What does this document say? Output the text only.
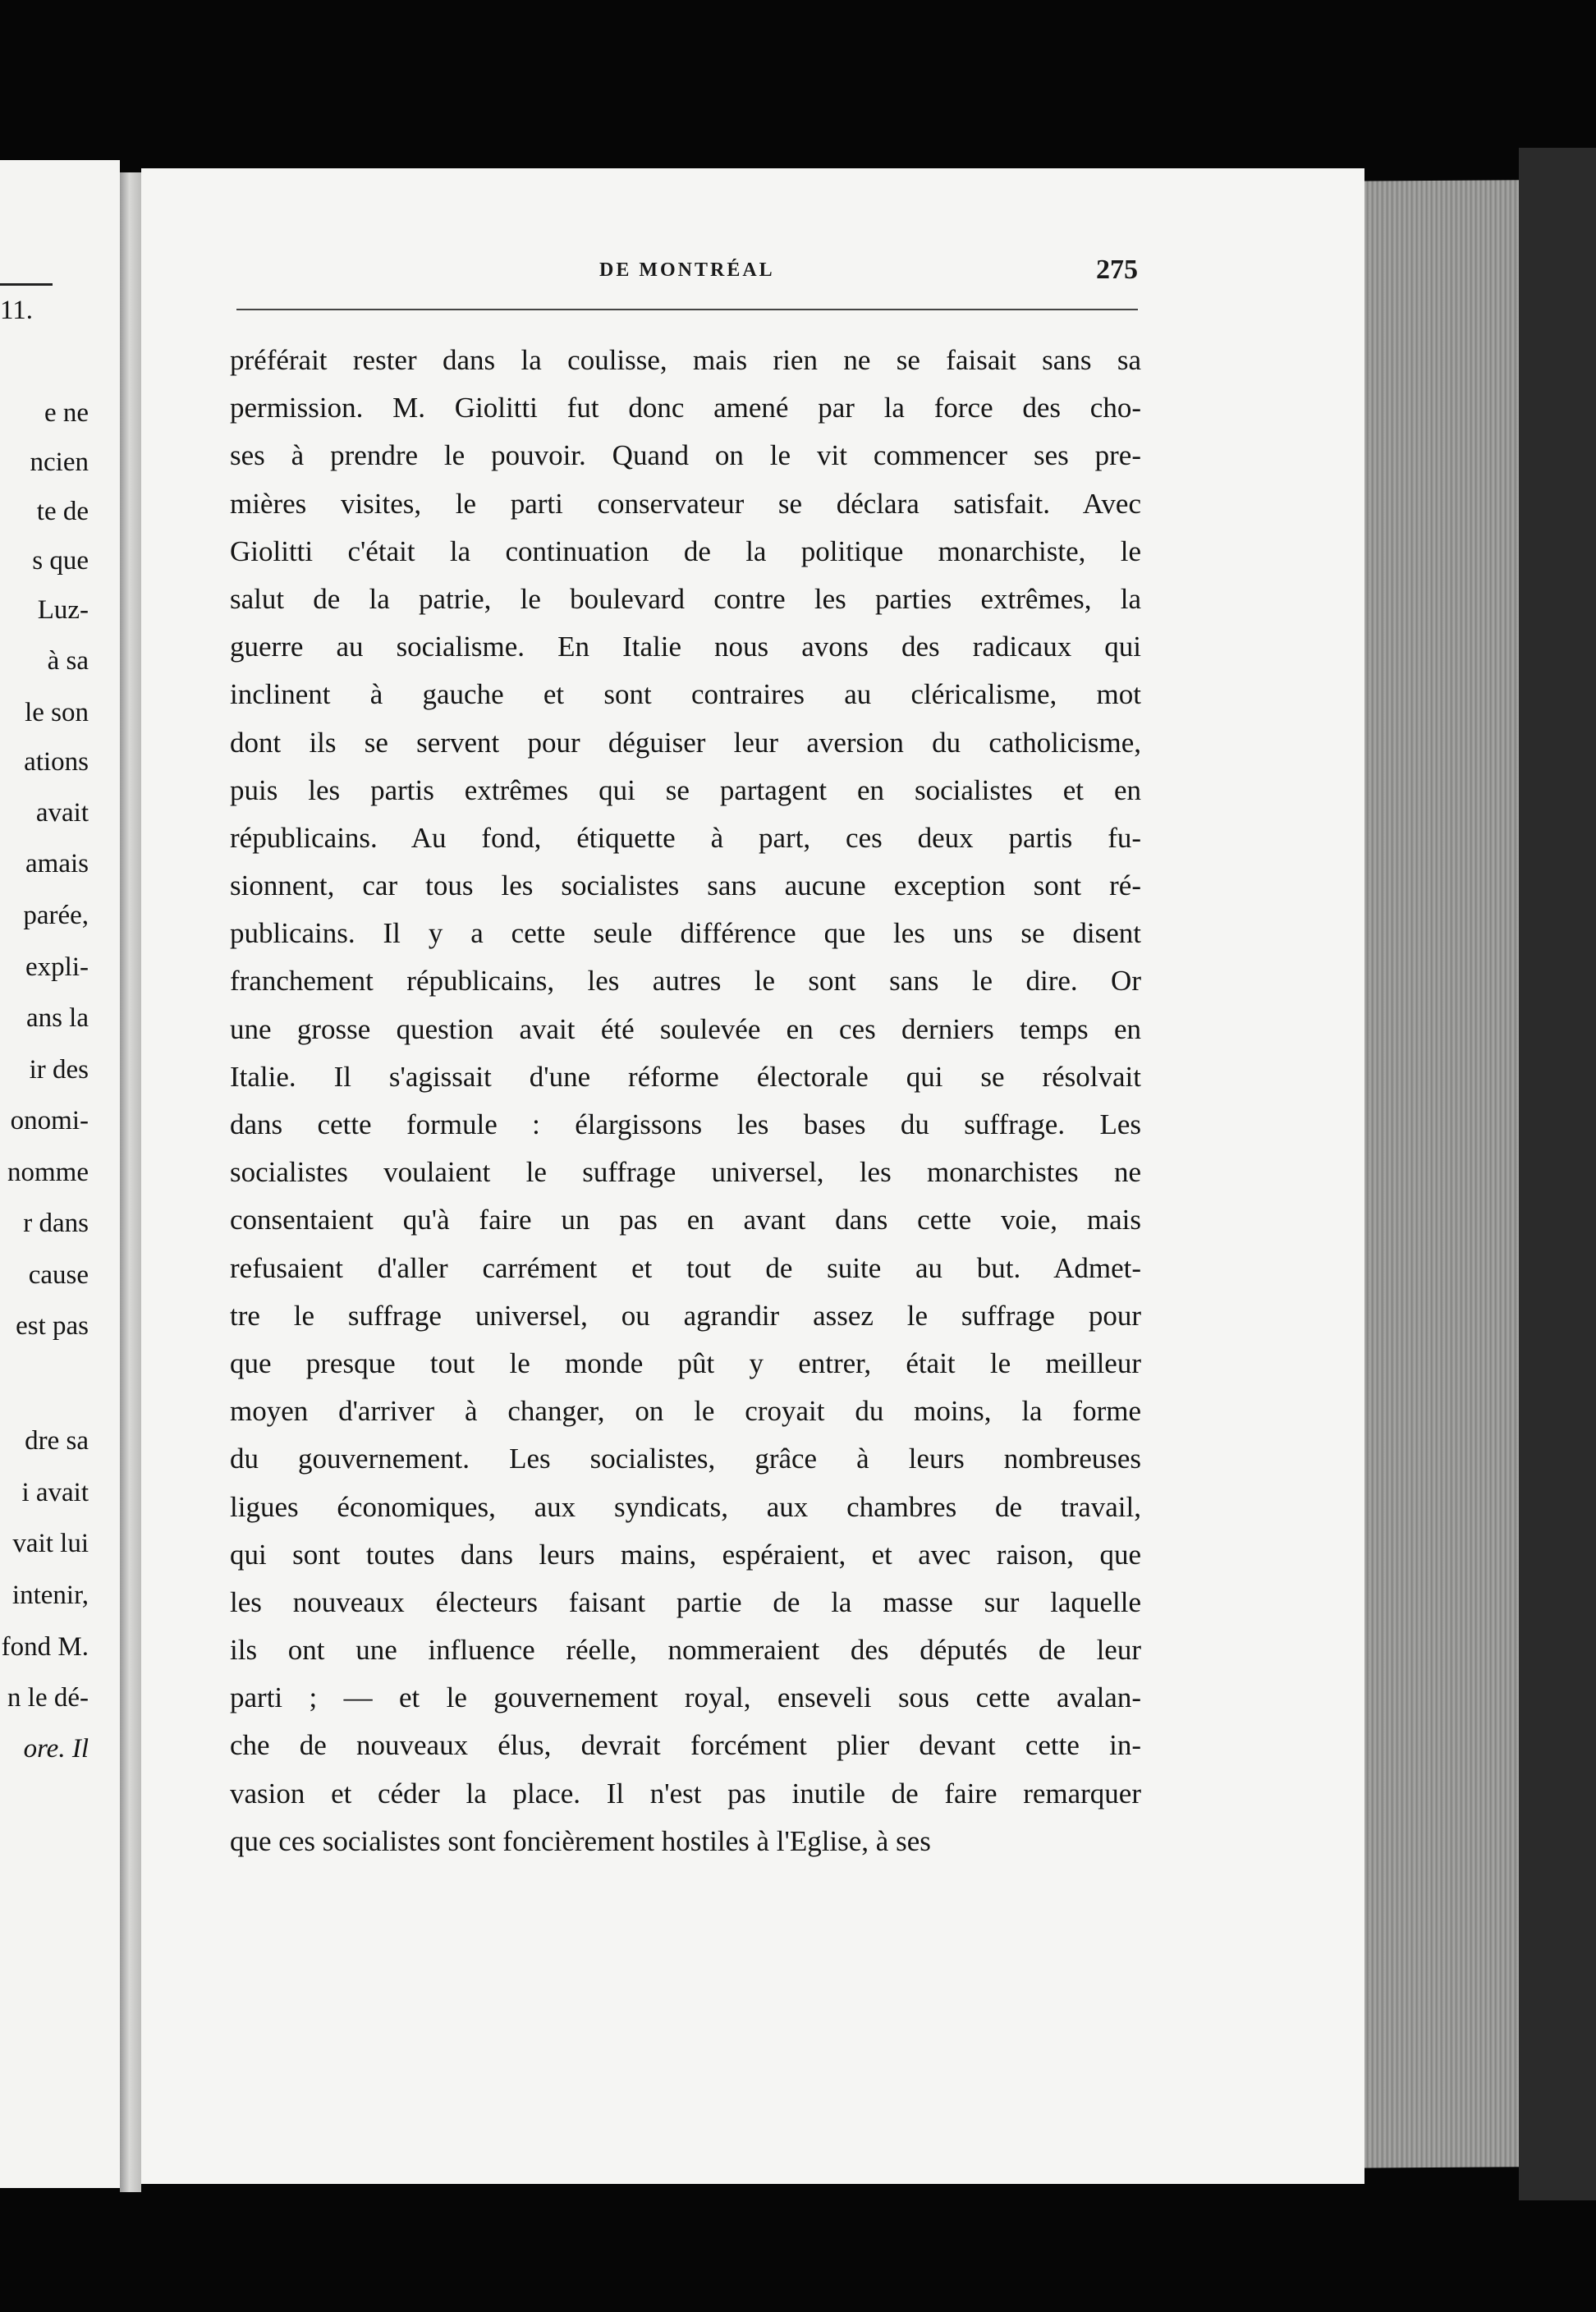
11.
e ne
ncien
te de
s que
Luz-
à sa
le son
ations
avait
amais
parée,
expli-
ans la
ir des
onomi-
nomme
r dans
cause
est pas
dre sa
i avait
vait lui
intenir,
fond M.
n le dé-
ore. Il
DE MONTRÉAL	275
préférait rester dans la coulisse, mais rien ne se faisait sans sa
permission. M. Giolitti fut donc amené par la force des cho-
ses à prendre le pouvoir. Quand on le vit commencer ses pre-
mières visites, le parti conservateur se déclara satisfait. Avec
Giolitti c'était la continuation de la politique monarchiste, le
salut de la patrie, le boulevard contre les parties extrêmes, la
guerre au socialisme. En Italie nous avons des radicaux qui
inclinent à gauche et sont contraires au cléricalisme, mot
dont ils se servent pour déguiser leur aversion du catholicisme,
puis les partis extrêmes qui se partagent en socialistes et en
républicains. Au fond, étiquette à part, ces deux partis fu-
sionnent, car tous les socialistes sans aucune exception sont ré-
publicains. Il y a cette seule différence que les uns se disent
franchement républicains, les autres le sont sans le dire. Or
une grosse question avait été soulevée en ces derniers temps en
Italie. Il s'agissait d'une réforme électorale qui se résolvait
dans cette formule : élargissons les bases du suffrage. Les
socialistes voulaient le suffrage universel, les monarchistes ne
consentaient qu'à faire un pas en avant dans cette voie, mais
refusaient d'aller carrément et tout de suite au but. Admet-
tre le suffrage universel, ou agrandir assez le suffrage pour
que presque tout le monde pût y entrer, était le meilleur
moyen d'arriver à changer, on le croyait du moins, la forme
du gouvernement. Les socialistes, grâce à leurs nombreuses
ligues économiques, aux syndicats, aux chambres de travail,
qui sont toutes dans leurs mains, espéraient, et avec raison, que
les nouveaux électeurs faisant partie de la masse sur laquelle
ils ont une influence réelle, nommeraient des députés de leur
parti ; — et le gouvernement royal, enseveli sous cette avalan-
che de nouveaux élus, devrait forcément plier devant cette in-
vasion et céder la place. Il n'est pas inutile de faire remarquer
que ces socialistes sont foncièrement hostiles à l'Eglise, à ses
